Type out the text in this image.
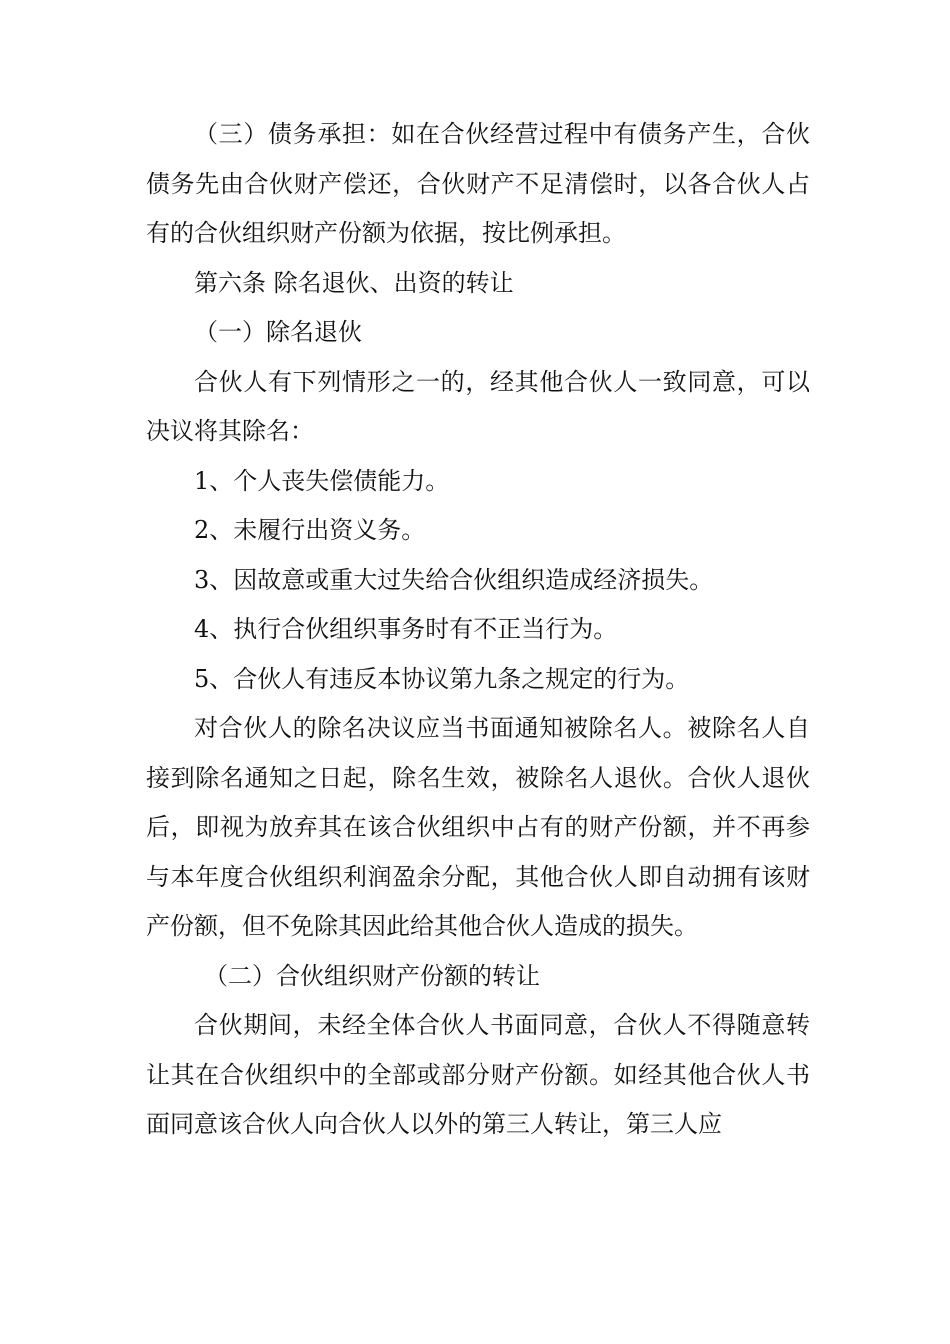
（三）债务承担：如在合伙经营过程中有债务产生，合伙债务先由合伙财产偿还，合伙财产不足清偿时，以各合伙人占有的合伙组织财产份额为依据，按比例承担。

第六条 除名退伙、出资的转让

（一）除名退伙

合伙人有下列情形之一的，经其他合伙人一致同意，可以决议将其除名：

1、个人丧失偿债能力。

2、未履行出资义务。

3、因故意或重大过失给合伙组织造成经济损失。

4、执行合伙组织事务时有不正当行为。

5、合伙人有违反本协议第九条之规定的行为。

对合伙人的除名决议应当书面通知被除名人。被除名人自接到除名通知之日起，除名生效，被除名人退伙。合伙人退伙后，即视为放弃其在该合伙组织中占有的财产份额，并不再参与本年度合伙组织利润盈余分配，其他合伙人即自动拥有该财产份额，但不免除其因此给其他合伙人造成的损失。

（二）合伙组织财产份额的转让

合伙期间，未经全体合伙人书面同意，合伙人不得随意转让其在合伙组织中的全部或部分财产份额。如经其他合伙人书面同意该合伙人向合伙人以外的第三人转让，第三人应
